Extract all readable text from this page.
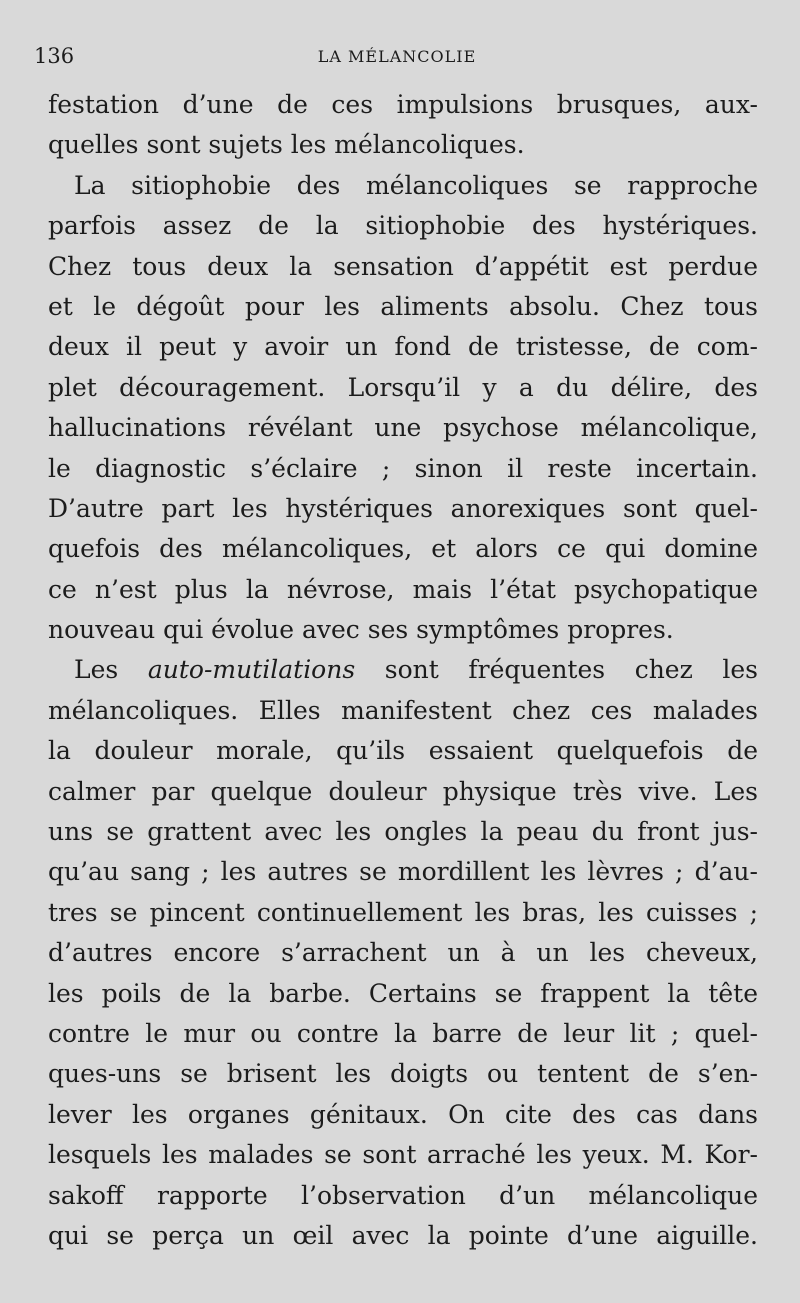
136	LA MÉLANCOLIE
festation d’une de ces impulsions brusques, aux-
quelles sont sujets les mélancoliques.
La sitiophobie des mélancoliques se rapproche
parfois assez de la sitiophobie des hystériques.
Chez tous deux la sensation d’appétit est perdue
et le dégoût pour les aliments absolu. Chez tous
deux il peut y avoir un fond de tristesse, de com-
plet découragement. Lorsqu’il y a du délire, des
hallucinations révélant une psychose mélancolique,
le diagnostic s’éclaire ; sinon il reste incertain.
D’autre part les hystériques anorexiques sont quel-
quefois des mélancoliques, et alors ce qui domine
ce n’est plus la névrose, mais l’état psychopatique
nouveau qui évolue avec ses symptômes propres.
Les auto-mutilations sont fréquentes chez les
mélancoliques. Elles manifestent chez ces malades
la douleur morale, qu’ils essaient quelquefois de
calmer par quelque douleur physique très vive. Les
uns se grattent avec les ongles la peau du front jus-
qu’au sang ; les autres se mordillent les lèvres ; d’au-
tres se pincent continuellement les bras, les cuisses ;
d’autres encore s’arrachent un à un les cheveux,
les poils de la barbe. Certains se frappent la tête
contre le mur ou contre la barre de leur lit ; quel-
ques-uns se brisent les doigts ou tentent de s’en-
lever les organes génitaux. On cite des cas dans
lesquels les malades se sont arraché les yeux. M. Kor-
sakoff rapporte l’observation d’un mélancolique
qui se perça un œil avec la pointe d’une aiguille.
